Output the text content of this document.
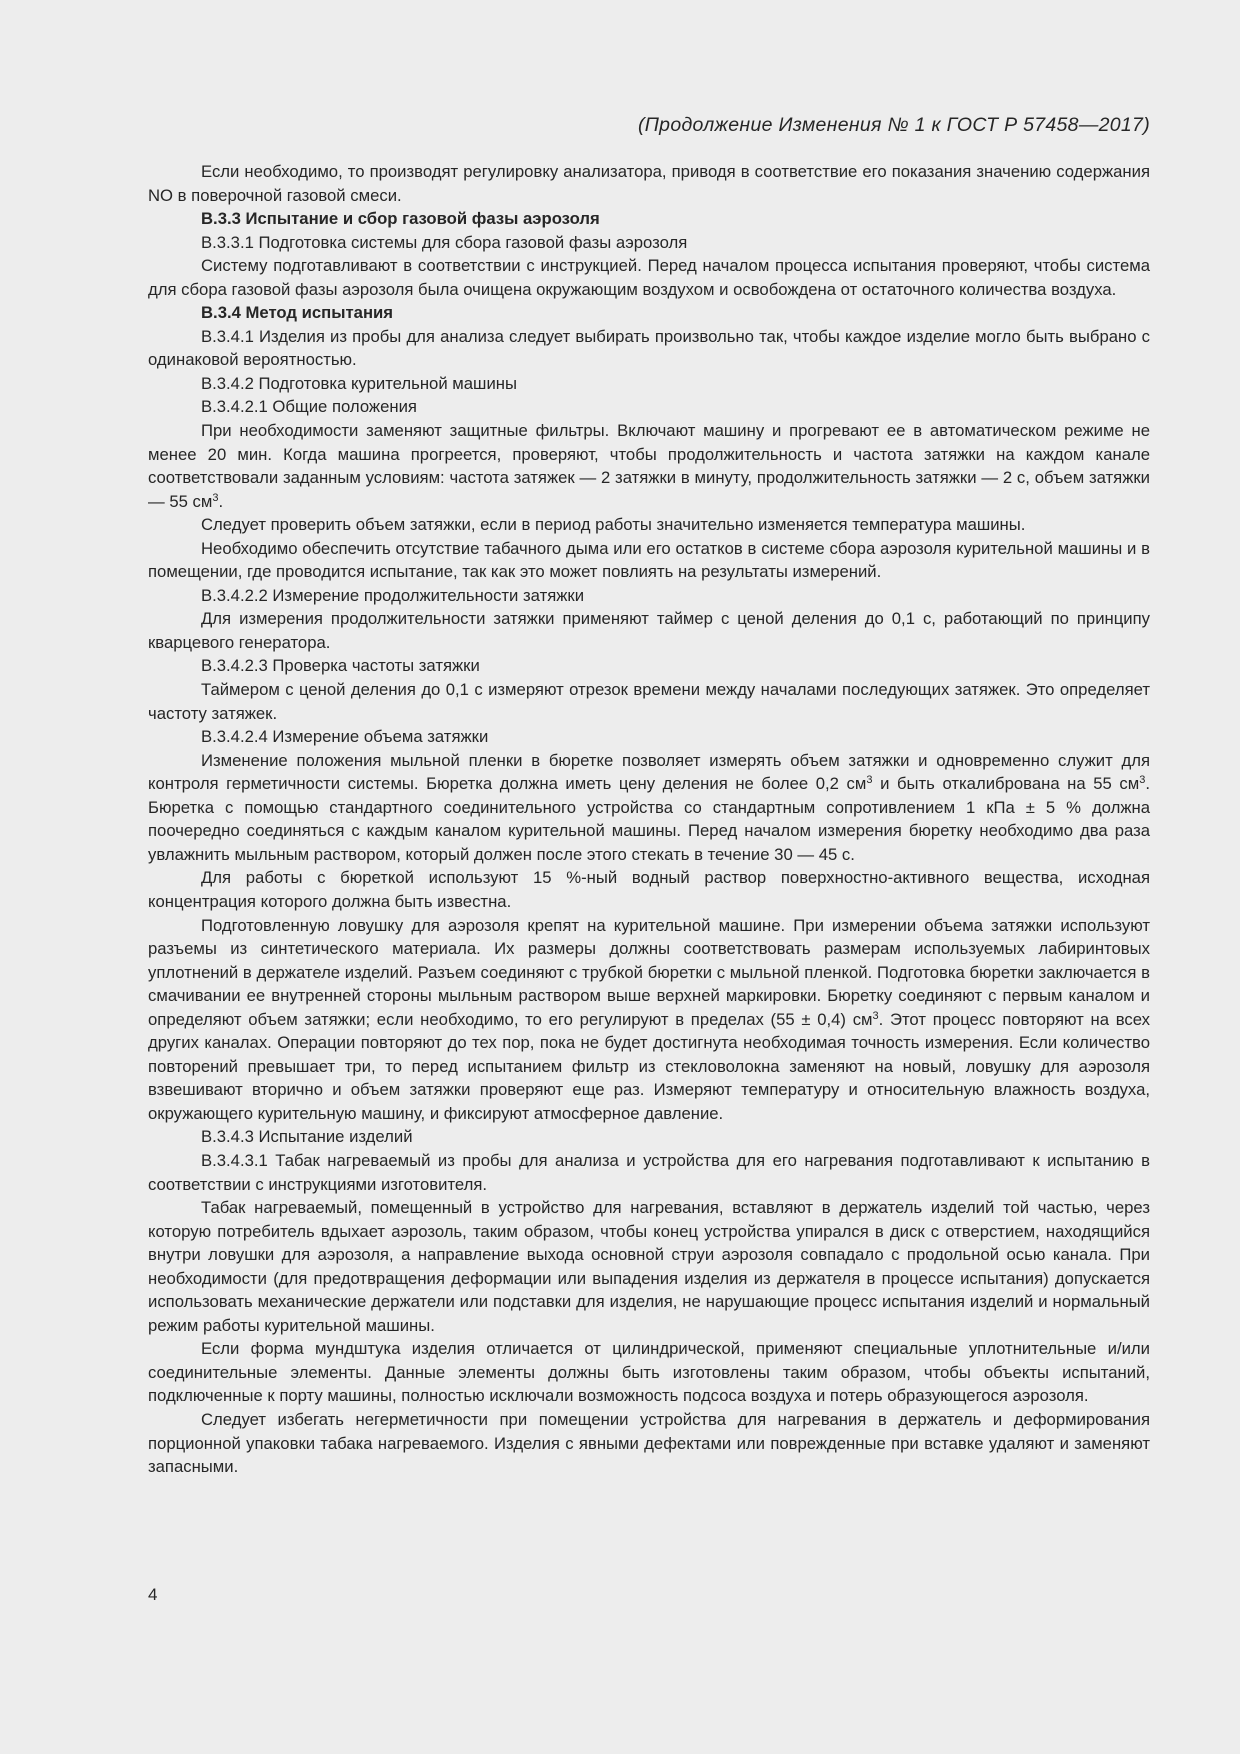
(Продолжение Изменения № 1 к ГОСТ Р 57458—2017)

Если необходимо, то производят регулировку анализатора, приводя в соответствие его показания значению содержания NO в поверочной газовой смеси.

В.3.3 Испытание и сбор газовой фазы аэрозоля

В.3.3.1 Подготовка системы для сбора газовой фазы аэрозоля

Систему подготавливают в соответствии с инструкцией. Перед началом процесса испытания проверяют, чтобы система для сбора газовой фазы аэрозоля была очищена окружающим воздухом и освобождена от остаточного количества воздуха.

В.3.4 Метод испытания

В.3.4.1 Изделия из пробы для анализа следует выбирать произвольно так, чтобы каждое изделие могло быть выбрано с одинаковой вероятностью.

В.3.4.2 Подготовка курительной машины

В.3.4.2.1 Общие положения

При необходимости заменяют защитные фильтры. Включают машину и прогревают ее в автоматическом режиме не менее 20 мин. Когда машина прогреется, проверяют, чтобы продолжительность и частота затяжки на каждом канале соответствовали заданным условиям: частота затяжек — 2 затяжки в минуту, продолжительность затяжки — 2 с, объем затяжки — 55 $см^3$.

Следует проверить объем затяжки, если в период работы значительно изменяется температура машины.

Необходимо обеспечить отсутствие табачного дыма или его остатков в системе сбора аэрозоля курительной машины и в помещении, где проводится испытание, так как это может повлиять на результаты измерений.

В.3.4.2.2 Измерение продолжительности затяжки

Для измерения продолжительности затяжки применяют таймер с ценой деления до 0,1 с, работающий по принципу кварцевого генератора.

В.3.4.2.3 Проверка частоты затяжки

Таймером с ценой деления до 0,1 с измеряют отрезок времени между началами последующих затяжек. Это определяет частоту затяжек.

В.3.4.2.4 Измерение объема затяжки

Изменение положения мыльной пленки в бюретке позволяет измерять объем затяжки и одновременно служит для контроля герметичности системы. Бюретка должна иметь цену деления не более 0,2 $см^3$ и быть откалибрована на 55 $см^3$. Бюретка с помощью стандартного соединительного устройства со стандартным сопротивлением 1 кПа ± 5 % должна поочередно соединяться с каждым каналом курительной машины. Перед началом измерения бюретку необходимо два раза увлажнить мыльным раствором, который должен после этого стекать в течение 30 — 45 с.

Для работы с бюреткой используют 15 %-ный водный раствор поверхностно-активного вещества, исходная концентрация которого должна быть известна.

Подготовленную ловушку для аэрозоля крепят на курительной машине. При измерении объема затяжки используют разъемы из синтетического материала. Их размеры должны соответствовать размерам используемых лабиринтовых уплотнений в держателе изделий. Разъем соединяют с трубкой бюретки с мыльной пленкой. Подготовка бюретки заключается в смачивании ее внутренней стороны мыльным раствором выше верхней маркировки. Бюретку соединяют с первым каналом и определяют объем затяжки; если необходимо, то его регулируют в пределах (55 ± 0,4) $см^3$. Этот процесс повторяют на всех других каналах. Операции повторяют до тех пор, пока не будет достигнута необходимая точность измерения. Если количество повторений превышает три, то перед испытанием фильтр из стекловолокна заменяют на новый, ловушку для аэрозоля взвешивают вторично и объем затяжки проверяют еще раз. Измеряют температуру и относительную влажность воздуха, окружающего курительную машину, и фиксируют атмосферное давление.

В.3.4.3 Испытание изделий

В.3.4.3.1 Табак нагреваемый из пробы для анализа и устройства для его нагревания подготавливают к испытанию в соответствии с инструкциями изготовителя.

Табак нагреваемый, помещенный в устройство для нагревания, вставляют в держатель изделий той частью, через которую потребитель вдыхает аэрозоль, таким образом, чтобы конец устройства упирался в диск с отверстием, находящийся внутри ловушки для аэрозоля, а направление выхода основной струи аэрозоля совпадало с продольной осью канала. При необходимости (для предотвращения деформации или выпадения изделия из держателя в процессе испытания) допускается использовать механические держатели или подставки для изделия, не нарушающие процесс испытания изделий и нормальный режим работы курительной машины.

Если форма мундштука изделия отличается от цилиндрической, применяют специальные уплотнительные и/или соединительные элементы. Данные элементы должны быть изготовлены таким образом, чтобы объекты испытаний, подключенные к порту машины, полностью исключали возможность подсоса воздуха и потерь образующегося аэрозоля.

Следует избегать негерметичности при помещении устройства для нагревания в держатель и деформирования порционной упаковки табака нагреваемого. Изделия с явными дефектами или поврежденные при вставке удаляют и заменяют запасными.

4
